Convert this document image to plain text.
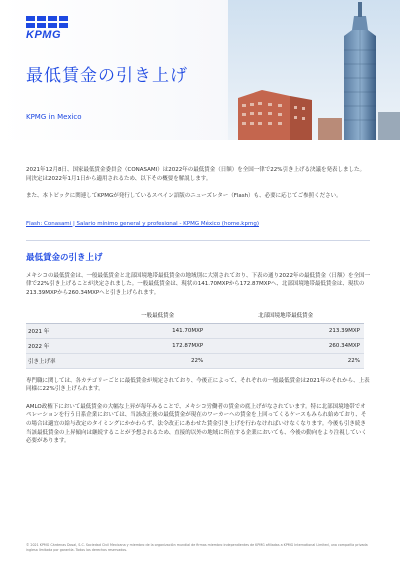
KPMG
最低賃金の引き上げ
KPMG in Mexico

2021年12月8日、国家最低賃金委員会（CONASAMI）は2022年の最低賃金（日額）を全国一律で22%引き上げる決議を発表しました。同決定は2022年1月1日から適用されるため、以下その概要を解説します。

また、本トピックに関連してKPMGが発行しているスペイン語版のニューズレター（Flash）も、必要に応じてご参照ください。

Flash: Conasami | Salario mínimo general y profesional - KPMG México (home.kpmg)
最低賃金の引き上げ

メキシコの最低賃金は、一般最低賃金と北部国境地帯最低賃金の地域別に大別されており、下表の通り2022年の最低賃金（日額）を全国一律で22%引き上げることが決定されました。一般最低賃金は、現状の141.70MXPから172.87MXPへ、北部国境地帯最低賃金は、現状の213.39MXPから260.34MXPへと引き上げられます。

	一般最低賃金	北部国境地帯最低賃金
2021 年	141.70MXP	213.39MXP
2022 年	172.87MXP	260.34MXP
引き上げ率	22%	22%

専門職に関しては、各カテゴリーごとに最低賃金が規定されており、今後正によって、それぞれの一般最低賃金は2021年のそれから、上表同様に22%引き上げられます。

AMLO政権下において最低賃金の大幅な上昇が毎年みることで、メキシコ労働者の賃金の底上げがなされています。特に北部国境地帯でオペレーションを行う日系企業においては、当該改正後の最低賃金が現在のワーカーへの賃金を上回ってくるケースもみられ始めており、その場合は適宜の給与改定のタイミングにかかわらず、法令改正にあわせた賃金引き上げを行わなければいけなくなります。今後も引き続き当該最低賃金の上昇傾向は継続することが予想されるため、直接的以外の地域に所在する企業においても、今後の動向をより注視していく必要があります。

© 2021 KPMG Cárdenas Dosal, S.C. Sociedad Civil Mexicana y miembro de la organización mundial de firmas miembro independientes de KPMG afiliadas a KPMG International Limited, una compañía privada inglesa limitada por garantía. Todos los derechos reservados.
